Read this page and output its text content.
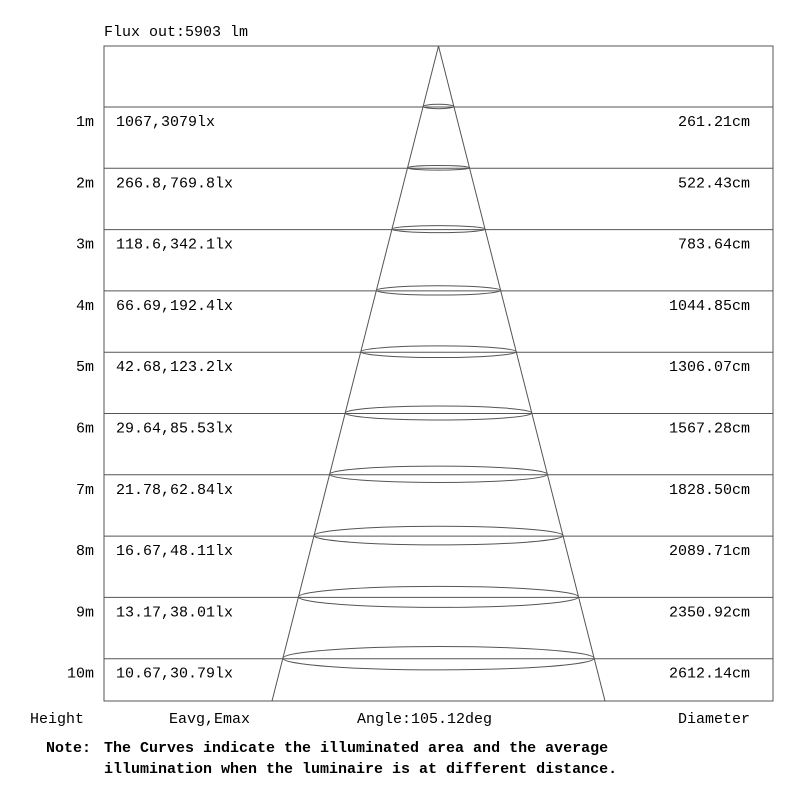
Flux out:5903 lm
1m 1067,3079lx	261.21cm
2m 266.8,769.8lx	522.43cm
3m 118.6,342.1lx	783.64cm
4m 66.69,192.4lx	1044.85cm
5m 42.68,123.2lx	1306.07cm
6m 29.64,85.53lx	1567.28cm
7m 21.78,62.84lx	1828.50cm
8m 16.67,48.11lx	2089.71cm
9m 13.17,38.01lx	2350.92cm
10m 10.67,30.79lx	2612.14cm
Height	Eavg,Emax	Angle:105.12deg	Diameter
Note: The Curves indicate the illuminated area and the average
illumination when the luminaire is at different distance.
